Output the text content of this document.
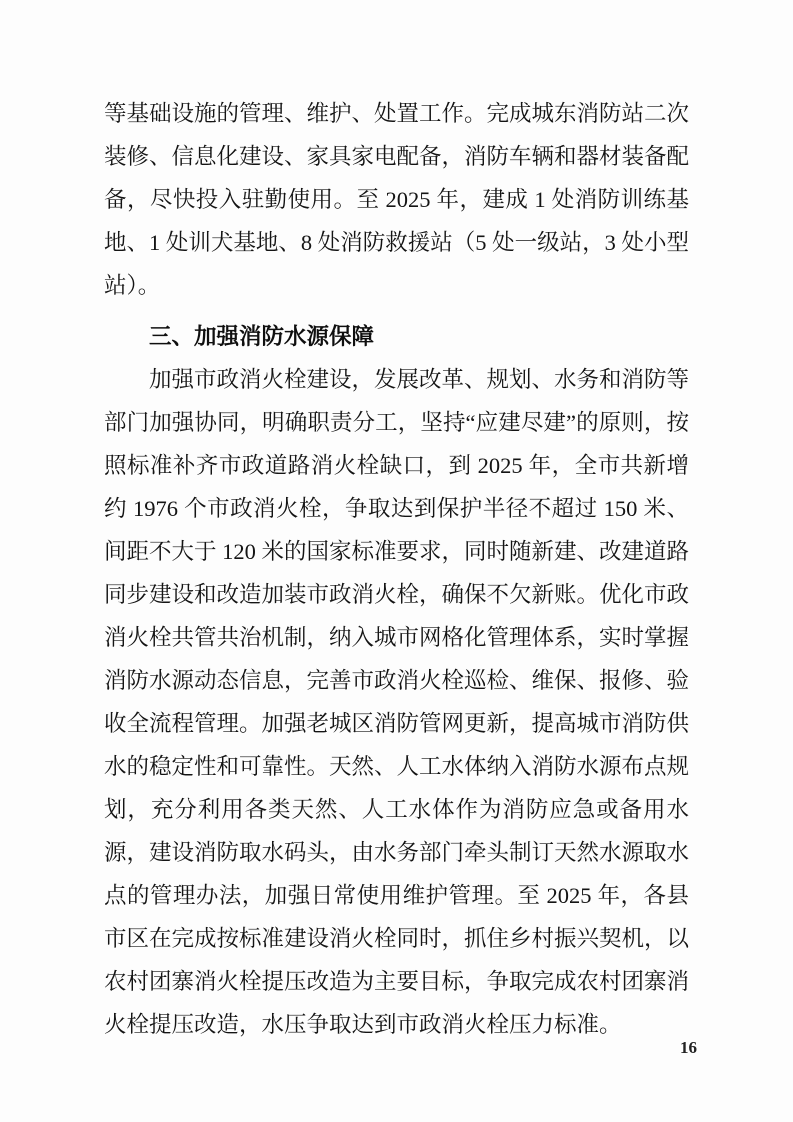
等基础设施的管理、维护、处置工作。完成城东消防站二次装修、信息化建设、家具家电配备，消防车辆和器材装备配备，尽快投入驻勤使用。至 2025 年，建成 1 处消防训练基地、1 处训犬基地、8 处消防救援站（5 处一级站，3 处小型站）。

三、加强消防水源保障

加强市政消火栓建设，发展改革、规划、水务和消防等部门加强协同，明确职责分工，坚持“应建尽建”的原则，按照标准补齐市政道路消火栓缺口，到 2025 年，全市共新增约 1976 个市政消火栓，争取达到保护半径不超过 150 米、间距不大于 120 米的国家标准要求，同时随新建、改建道路同步建设和改造加装市政消火栓，确保不欠新账。优化市政消火栓共管共治机制，纳入城市网格化管理体系，实时掌握消防水源动态信息，完善市政消火栓巡检、维保、报修、验收全流程管理。加强老城区消防管网更新，提高城市消防供水的稳定性和可靠性。天然、人工水体纳入消防水源布点规划，充分利用各类天然、人工水体作为消防应急或备用水源，建设消防取水码头，由水务部门牵头制订天然水源取水点的管理办法，加强日常使用维护管理。至 2025 年，各县市区在完成按标准建设消火栓同时，抓住乡村振兴契机，以农村团寨消火栓提压改造为主要目标，争取完成农村团寨消火栓提压改造，水压争取达到市政消火栓压力标准。

16
